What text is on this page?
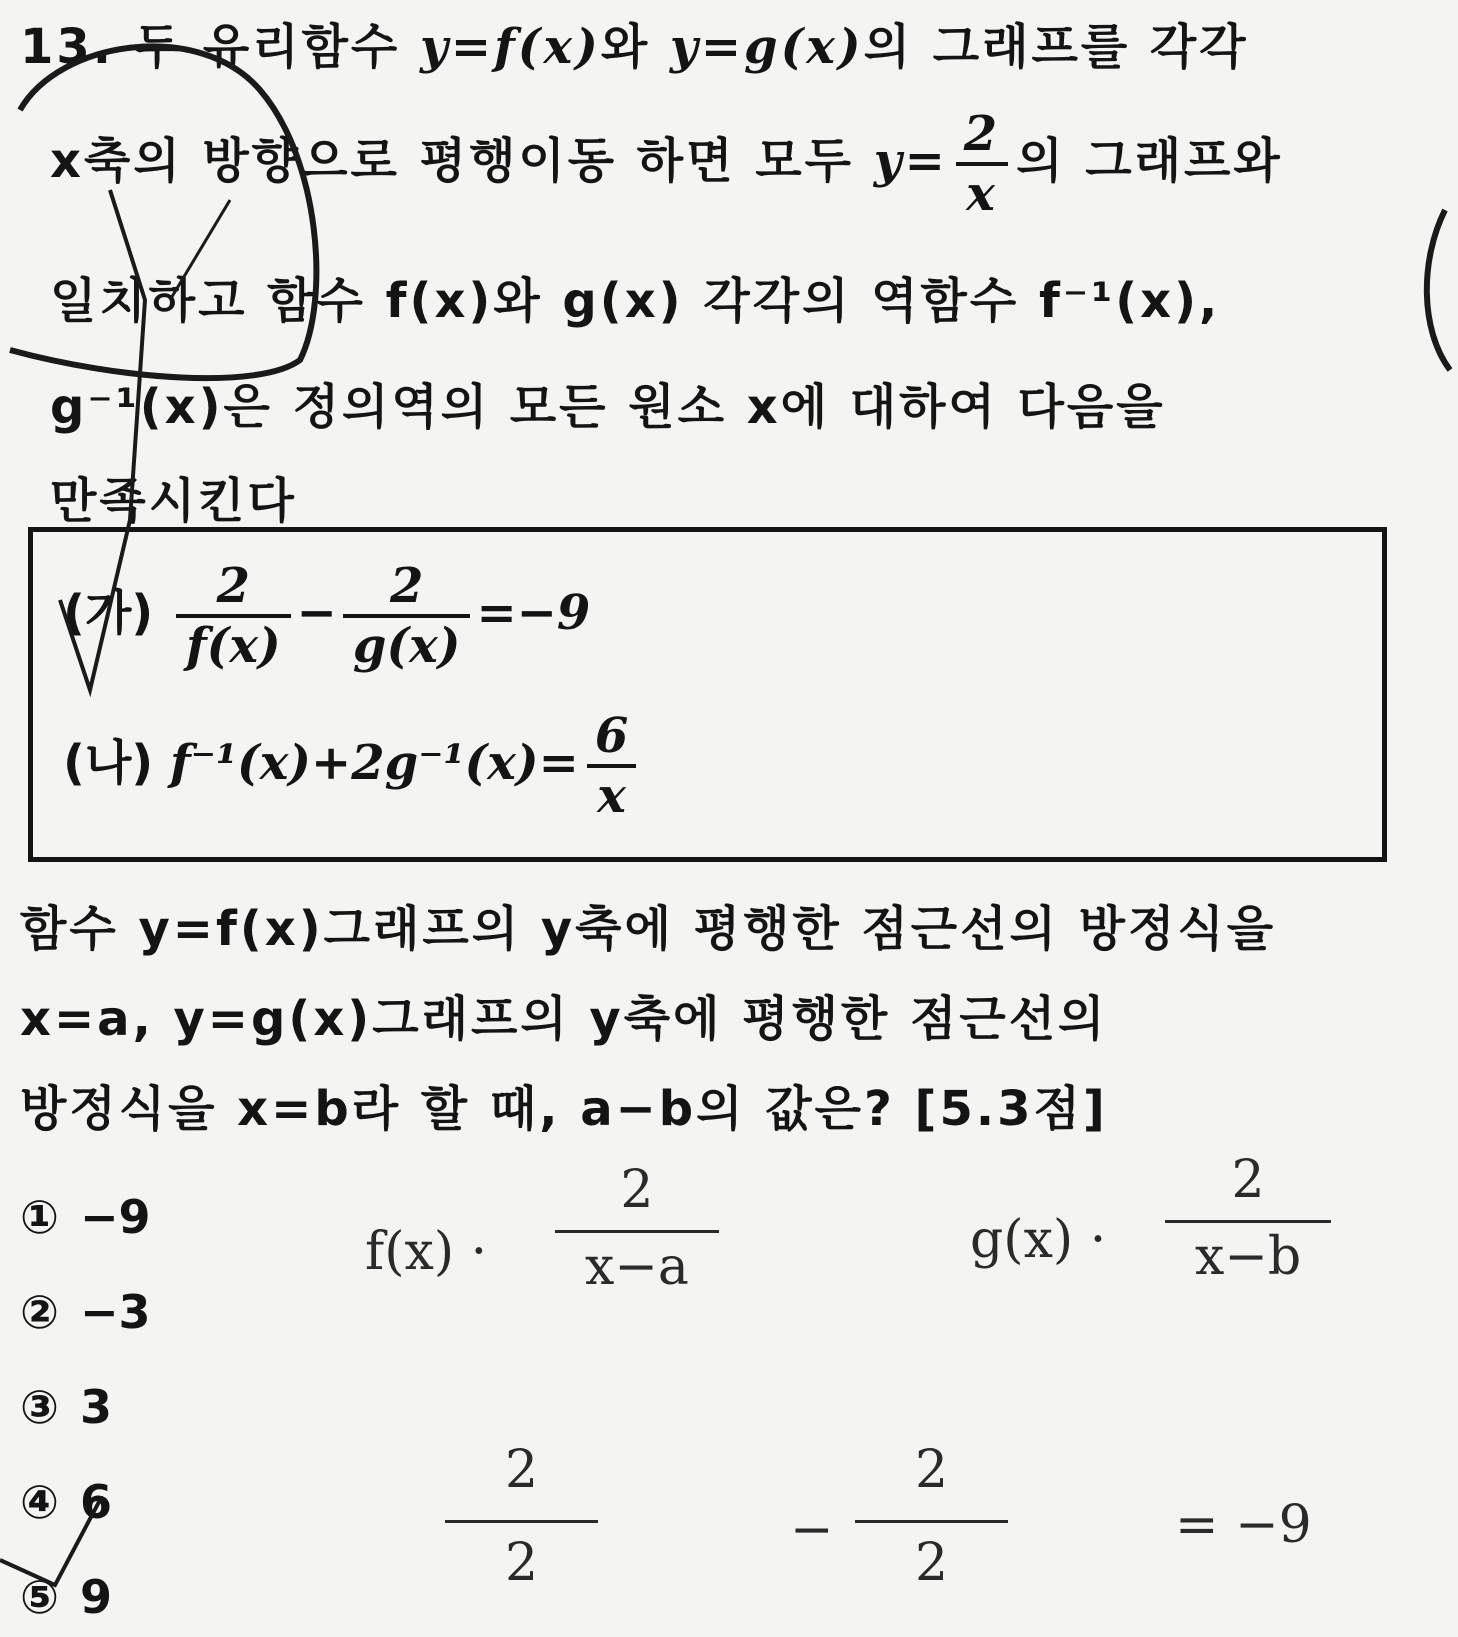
13. 두 유리함수 y=f(x)와 y=g(x)의 그래프를 각각
x축의 방향으로 평행이동 하면 모두 $y= \frac{2}{x}$ 의 그래프와
일치하고 함수 f(x)와 g(x) 각각의 역함수 f⁻¹(x),
g⁻¹(x)은 정의역의 모든 원소 x에 대하여 다음을
만족시킨다
(가) $\frac{2}{f(x)} - \frac{2}{g(x)} =-9$
(나) $f^{-1}(x)+2g^{-1}(x)= \frac{6}{x}$
함수 y=f(x)그래프의 y축에 평행한 점근선의 방정식을
x=a, y=g(x)그래프의 y축에 평행한 점근선의
방정식을 x=b라 할 때, a−b의 값은? [5.3점]
① −9
② −3
③ 3
④ 6
⑤ 9
$f(x) \cdot \frac{2}{x-a}$	$g(x) \cdot \frac{2}{x-b}$
$\frac{2}{2}$	− $\frac{2}{2}$	= −9
